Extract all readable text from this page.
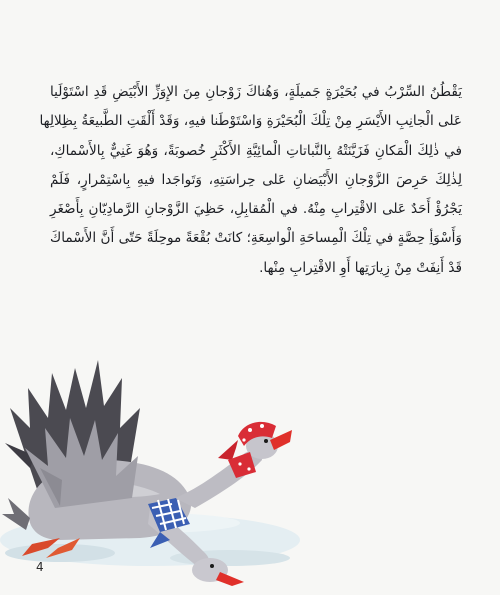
يَقْطُنُ السِّرْبُ في بُحَيْرَةٍ جَميلَةٍ، وَهُناكَ زَوْجانِ مِنَ الإِوَزِّ الأَبْيَضِ قَدِ اسْتَوْلَيا
عَلى الْجانِبِ الأَيْسَرِ مِنْ تِلْكَ الْبُحَيْرَةِ وَاسْتَوْطَنا فيهِ، وَقَدْ أَلْقَتِ الطَّبيعَةُ بِظِلالِها
في ذٰلِكَ الْمَكانِ فَزَيَّنَتْهُ بِالنَّباتاتِ الْمائِيَّةِ الأَكْثَرِ خُصوبَةً، وَهُوَ غَنِيٌّ بِالأَسْماكِ،
لِذٰلِكَ حَرِصَ الزَّوْجانِ الأَبْيَضانِ عَلى حِراسَتِهِ، وَتَواجَدا فيهِ بِاسْتِمْرارٍ، فَلَمْ
يَجْرُؤْ أَحَدٌ عَلى الاقْتِرابِ مِنْهُ. في الْمُقابِلِ، حَظِيَ الزَّوْجانِ الرَّمادِيّانِ بِأَصْغَرِ
وَأَسْوَأِ حِصَّةٍ في تِلْكَ الْمِساحَةِ الْواسِعَةِ؛ كانَتْ بُقْعَةً موحِلَةً حَتّى أَنَّ الأَسْماكَ
قَدْ أَنِفَتْ مِنْ زِيارَتِها أَوِ الاقْتِرابِ مِنْها.
4
